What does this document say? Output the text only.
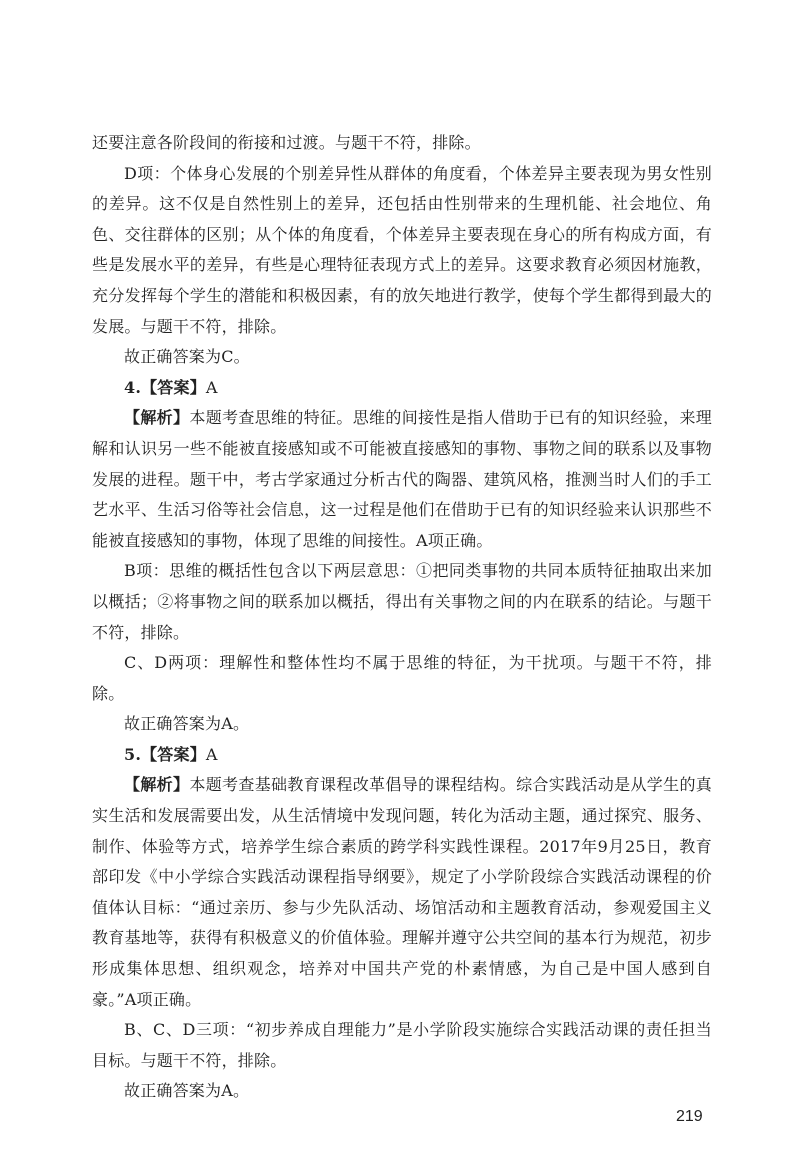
还要注意各阶段间的衔接和过渡。与题干不符，排除。

D项：个体身心发展的个别差异性从群体的角度看，个体差异主要表现为男女性别的差异。这不仅是自然性别上的差异，还包括由性别带来的生理机能、社会地位、角色、交往群体的区别；从个体的角度看，个体差异主要表现在身心的所有构成方面，有些是发展水平的差异，有些是心理特征表现方式上的差异。这要求教育必须因材施教，充分发挥每个学生的潜能和积极因素，有的放矢地进行教学，使每个学生都得到最大的发展。与题干不符，排除。

故正确答案为C。

4.【答案】A

【解析】本题考查思维的特征。思维的间接性是指人借助于已有的知识经验，来理解和认识另一些不能被直接感知或不可能被直接感知的事物、事物之间的联系以及事物发展的进程。题干中，考古学家通过分析古代的陶器、建筑风格，推测当时人们的手工艺水平、生活习俗等社会信息，这一过程是他们在借助于已有的知识经验来认识那些不能被直接感知的事物，体现了思维的间接性。A项正确。

B项：思维的概括性包含以下两层意思：①把同类事物的共同本质特征抽取出来加以概括；②将事物之间的联系加以概括，得出有关事物之间的内在联系的结论。与题干不符，排除。

C、D两项：理解性和整体性均不属于思维的特征，为干扰项。与题干不符，排除。

故正确答案为A。

5.【答案】A

【解析】本题考查基础教育课程改革倡导的课程结构。综合实践活动是从学生的真实生活和发展需要出发，从生活情境中发现问题，转化为活动主题，通过探究、服务、制作、体验等方式，培养学生综合素质的跨学科实践性课程。2017年9月25日，教育部印发《中小学综合实践活动课程指导纲要》，规定了小学阶段综合实践活动课程的价值体认目标：“通过亲历、参与少先队活动、场馆活动和主题教育活动，参观爱国主义教育基地等，获得有积极意义的价值体验。理解并遵守公共空间的基本行为规范，初步形成集体思想、组织观念，培养对中国共产党的朴素情感，为自己是中国人感到自豪。”A项正确。

B、C、D三项：“初步养成自理能力”是小学阶段实施综合实践活动课的责任担当目标。与题干不符，排除。

故正确答案为A。

219
